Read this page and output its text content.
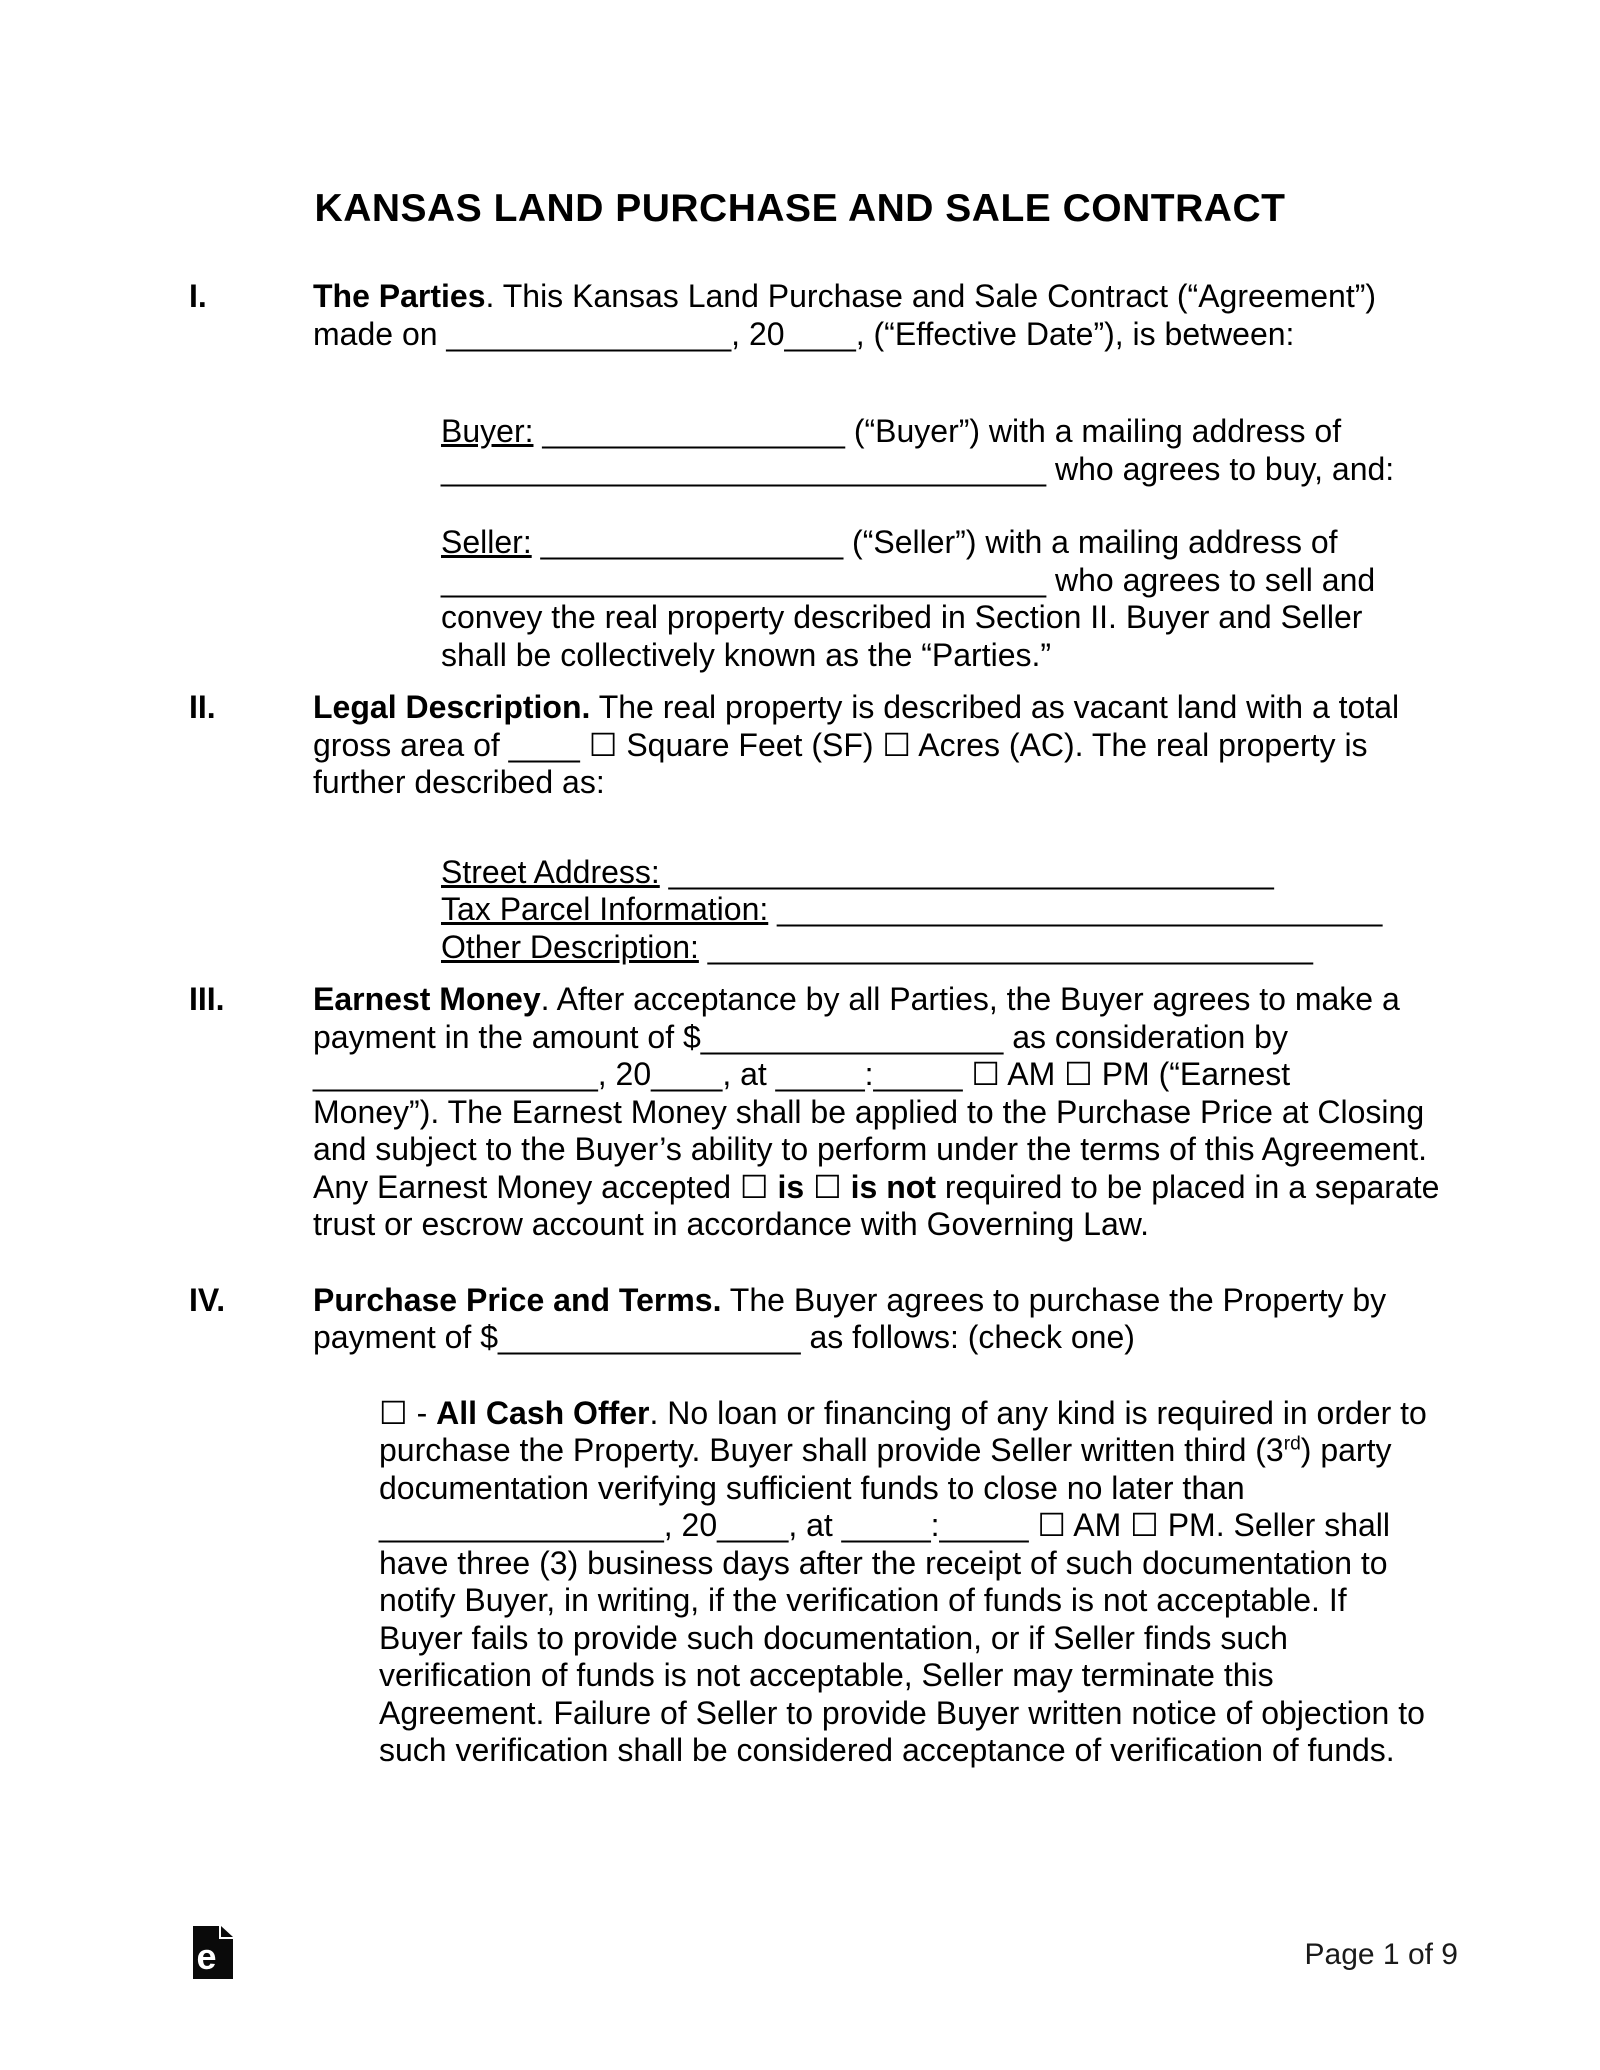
KANSAS LAND PURCHASE AND SALE CONTRACT
I.	The Parties. This Kansas Land Purchase and Sale Contract (“Agreement”)
made on ________________, 20____, (“Effective Date”), is between:
Buyer: _________________ (“Buyer”) with a mailing address of
__________________________________ who agrees to buy, and:
Seller: _________________ (“Seller”) with a mailing address of
__________________________________ who agrees to sell and
convey the real property described in Section II. Buyer and Seller
shall be collectively known as the “Parties.”
II.	Legal Description. The real property is described as vacant land with a total
gross area of ____ ☐ Square Feet (SF) ☐ Acres (AC). The real property is
further described as:
Street Address: __________________________________
Tax Parcel Information: __________________________________
Other Description: __________________________________
III.	Earnest Money. After acceptance by all Parties, the Buyer agrees to make a
payment in the amount of $_________________ as consideration by
________________, 20____, at _____:_____ ☐ AM ☐ PM (“Earnest
Money”). The Earnest Money shall be applied to the Purchase Price at Closing
and subject to the Buyer’s ability to perform under the terms of this Agreement.
Any Earnest Money accepted ☐ is ☐ is not required to be placed in a separate
trust or escrow account in accordance with Governing Law.
IV.	Purchase Price and Terms. The Buyer agrees to purchase the Property by
payment of $_________________ as follows: (check one)
☐ - All Cash Offer. No loan or financing of any kind is required in order to
purchase the Property. Buyer shall provide Seller written third (3rd) party
documentation verifying sufficient funds to close no later than
________________, 20____, at _____:_____ ☐ AM ☐ PM. Seller shall
have three (3) business days after the receipt of such documentation to
notify Buyer, in writing, if the verification of funds is not acceptable. If
Buyer fails to provide such documentation, or if Seller finds such
verification of funds is not acceptable, Seller may terminate this
Agreement. Failure of Seller to provide Buyer written notice of objection to
such verification shall be considered acceptance of verification of funds.
e	Page 1 of 9
